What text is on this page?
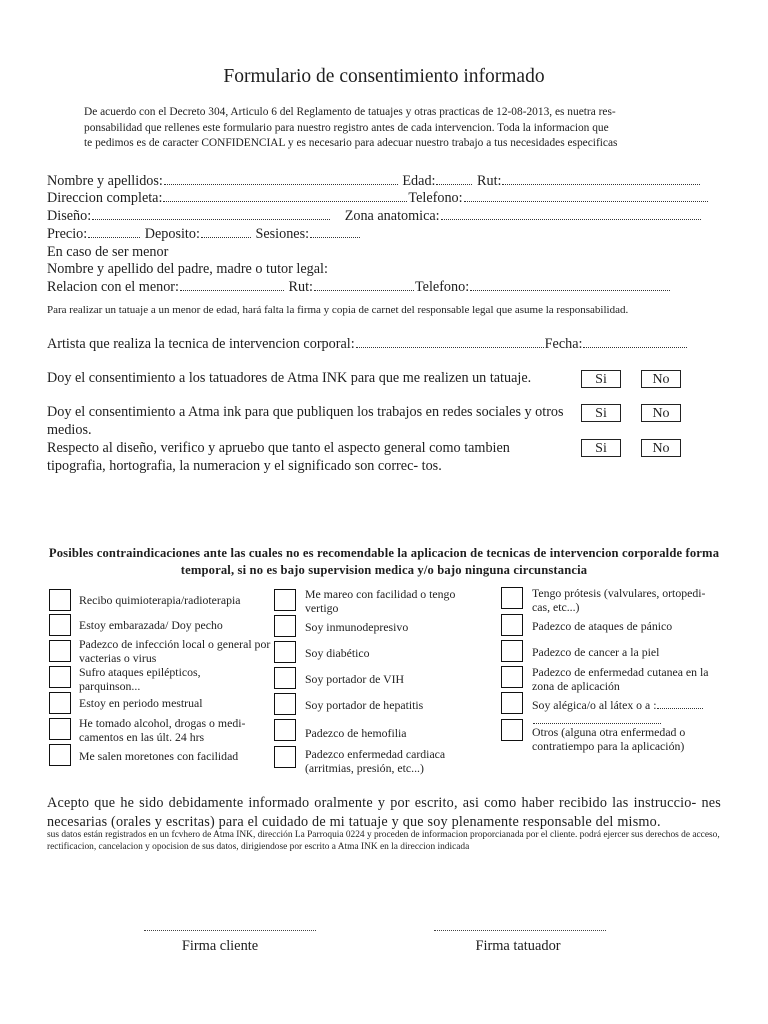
Formulario de consentimiento informado

De acuerdo con el Decreto 304, Articulo 6 del Reglamento de tatuajes y otras practicas de 12-08-2013, es nuetra res-

ponsabilidad que rellenes este formulario para nuestro registro antes de cada intervencion. Toda la informacion que

te pedimos es de caracter CONFIDENCIAL y es necesario para adecuar nuestro trabajo a tus necesidades especificas

Nombre y apellidos:	Edad:	Rut:
Direccion completa:	Telefono:
Diseño:	Zona anatomica:
Precio:	Deposito:	Sesiones:
En caso de ser menor
Nombre y apellido del padre, madre o tutor legal:
Relacion con el menor:	Rut:	Telefono:
Para realizar un tatuaje a un menor de edad, hará falta la firma y copia de carnet del responsable legal que asume la responsabilidad.
Artista que realiza la tecnica de intervencion corporal:	Fecha:
Doy el consentimiento a los tatuadores de Atma INK para que me realizen un tatuaje.	Si	No
Doy el consentimiento a Atma ink para que publiquen los trabajos en redes sociales y otros medios.
Si	No
Respecto al diseño, verifico y apruebo que tanto el aspecto general como tambien tipografia, hortografia, la numeracion y el significado son correc- tos.
Si	No
Posibles contraindicaciones ante las cuales no es recomendable la aplicacion de tecnicas de intervencion corporalde forma temporal, si no es bajo supervision medica y/o bajo ninguna circunstancia
Recibo quimioterapia/radioterapia
Estoy embarazada/ Doy pecho
Padezco de infección local o general por vacterias o virus
Sufro ataques epilépticos, parquinson...
Estoy en periodo mestrual
He tomado alcohol, drogas o medi- camentos en las últ. 24 hrs
Me salen moretones con facilidad
Me mareo con facilidad o tengo vertigo
Soy inmunodepresivo
Soy diabético
Soy portador de VIH
Soy portador de hepatitis
Padezco de hemofilia
Padezco enfermedad cardiaca (arritmias, presión, etc...)
Tengo prótesis (valvulares, ortopedi- cas, etc...)
Padezco de ataques de pánico
Padezco de cancer a la piel
Padezco de enfermedad cutanea en la zona de aplicación
Soy alégica/o al látex o a :

Otros (alguna otra enfermedad o contratiempo para la aplicación)
Acepto que he sido debidamente informado oralmente y por escrito, asi como haber recibido las instruccio- nes necesarias (orales y escritas) para el cuidado de mi tatuaje y que soy plenamente responsable del mismo.
sus datos están registrados en un fcvhero de Atma INK, dirección La Parroquia 0224 y proceden de informacion proporcianada por el cliente. podrá ejercer sus derechos de acceso, rectificacion, cancelacion y opocision de sus datos, dirigiendose por escrito a Atma INK en la direccion indicada
Firma cliente	Firma tatuador
